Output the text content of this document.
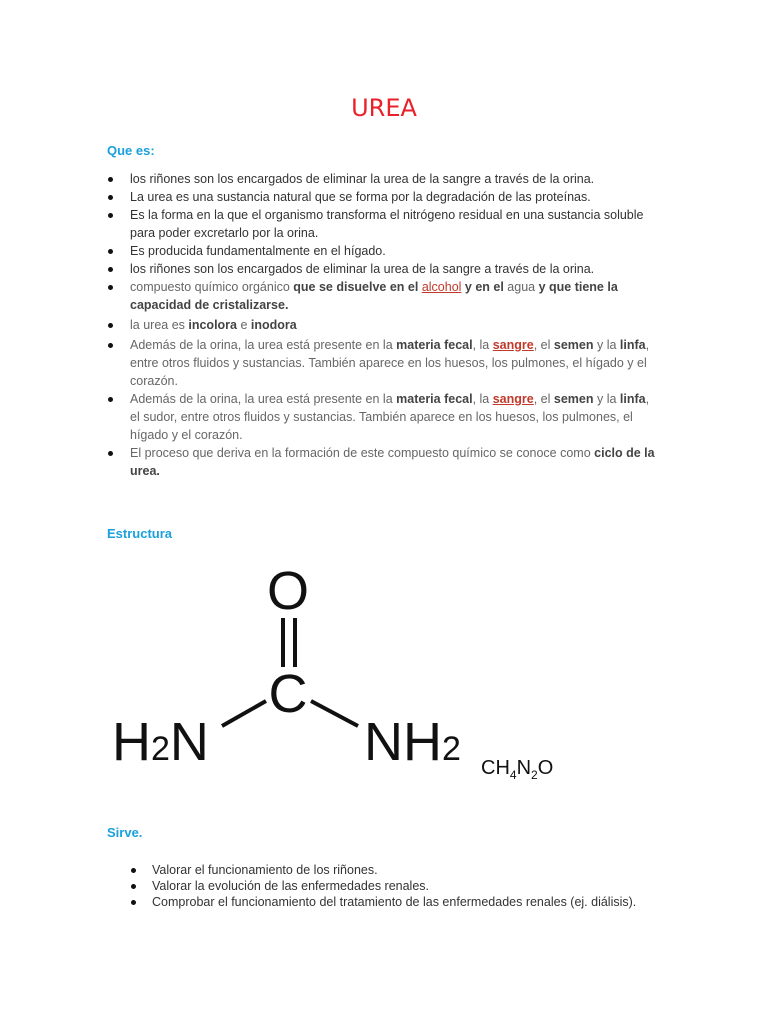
UREA
Que es:
los riñones son los encargados de eliminar la urea de la sangre a través de la orina.
La urea es una sustancia natural que se forma por la degradación de las proteínas.
Es la forma en la que el organismo transforma el nitrógeno residual en una sustancia soluble para poder excretarlo por la orina.
Es producida fundamentalmente en el hígado.
los riñones son los encargados de eliminar la urea de la sangre a través de la orina.
compuesto químico orgánico que se disuelve en el alcohol y en el agua y que tiene la capacidad de cristalizarse.
la urea es incolora e inodora
Además de la orina, la urea está presente en la materia fecal, la sangre, el semen y la linfa, entre otros fluidos y sustancias. También aparece en los huesos, los pulmones, el hígado y el corazón.
Además de la orina, la urea está presente en la materia fecal, la sangre, el semen y la linfa, el sudor, entre otros fluidos y sustancias. También aparece en los huesos, los pulmones, el hígado y el corazón.
El proceso que deriva en la formación de este compuesto químico se conoce como ciclo de la urea.
Estructura
O
C
H2N	NH2 $CH_4N_2O$
Sirve.
Valorar el funcionamiento de los riñones.
Valorar la evolución de las enfermedades renales.
Comprobar el funcionamiento del tratamiento de las enfermedades renales (ej. diálisis).
